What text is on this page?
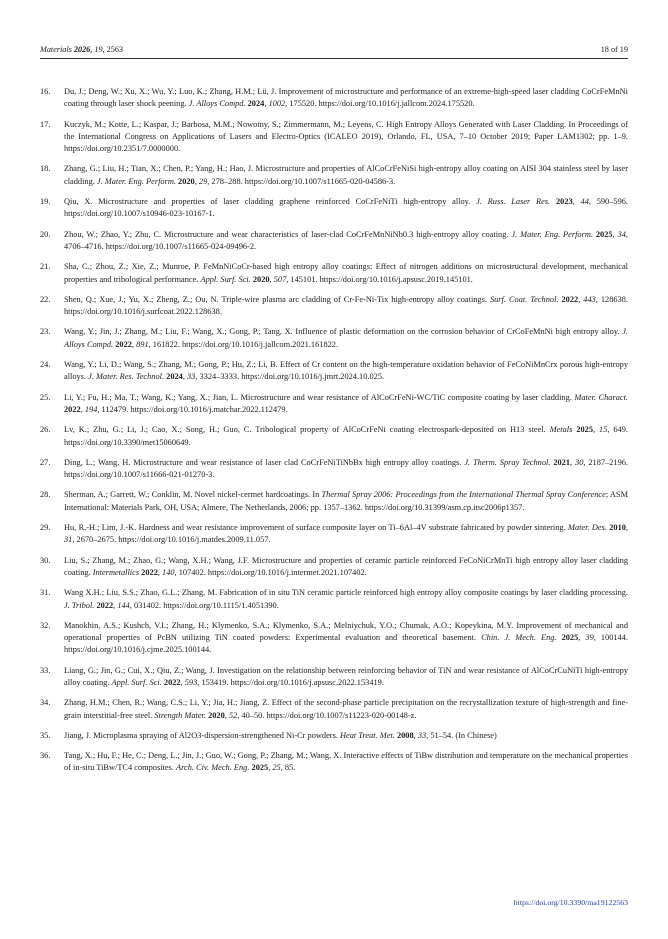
Materials 2026, 19, 2563	18 of 19
16.	Du, J.; Deng, W.; Xu, X.; Wu, Y.; Luo, K.; Zhang, H.M.; Lü, J. Improvement of microstructure and performance of an extreme-high-speed laser cladding CoCrFeMnNi coating through laser shock peening. J. Alloys Compd. 2024, 1002, 175520. https://doi.org/10.1016/j.jallcom.2024.175520.
17.	Kuczyk, M.; Kotte, L.; Kaspar, J.; Barbosa, M.M.; Nowotny, S.; Zimmermann, M.; Leyens, C. High Entropy Alloys Generated with Laser Cladding. In Proceedings of the International Congress on Applications of Lasers and Electro-Optics (ICALEO 2019), Orlando, FL, USA, 7–10 October 2019; Paper LAM1302; pp. 1–9. https://doi.org/10.2351/7.0000000.
18.	Zhang, G.; Liu, H.; Tian, X.; Chen, P.; Yang, H.; Hao, J. Microstructure and properties of AlCoCrFeNiSi high-entropy alloy coating on AISI 304 stainless steel by laser cladding. J. Mater. Eng. Perform. 2020, 29, 278–288. https://doi.org/10.1007/s11665-020-04586-3.
19.	Qiu, X. Microstructure and properties of laser cladding graphene reinforced CoCrFeNiTi high-entropy alloy. J. Russ. Laser Res. 2023, 44, 590–596. https://doi.org/10.1007/s10946-023-10167-1.
20.	Zhou, W.; Zhao, Y.; Zhu, C. Microstructure and wear characteristics of laser-clad CoCrFeMnNiNb0.3 high-entropy alloy coating. J. Mater. Eng. Perform. 2025, 34, 4706–4716. https://doi.org/10.1007/s11665-024-09496-2.
21.	Sha, C.; Zhou, Z.; Xie, Z.; Munroe, P. FeMnNiCoCr-based high entropy alloy coatings: Effect of nitrogen additions on microstructural development, mechanical properties and tribological performance. Appl. Surf. Sci. 2020, 507, 145101. https://doi.org/10.1016/j.apsusc.2019.145101.
22.	Shen, Q.; Xue, J.; Yu, X.; Zheng, Z.; Ou, N. Triple-wire plasma arc cladding of Cr-Fe-Ni-Tix high-entropy alloy coatings. Surf. Coat. Technol. 2022, 443, 128638. https://doi.org/10.1016/j.surfcoat.2022.128638.
23.	Wang, Y.; Jin, J.; Zhang, M.; Liu, F.; Wang, X.; Gong, P.; Tang, X. Influence of plastic deformation on the corrosion behavior of CrCoFeMnNi high entropy alloy. J. Alloys Compd. 2022, 891, 161822. https://doi.org/10.1016/j.jallcom.2021.161822.
24.	Wang, Y.; Li, D.; Wang, S.; Zhang, M.; Gong, P.; Hu, Z.; Li, B. Effect of Cr content on the high-temperature oxidation behavior of FeCoNiMnCrx porous high-entropy alloys. J. Mater. Res. Technol. 2024, 33, 3324–3333. https://doi.org/10.1016/j.jmrt.2024.10.025.
25.	Li, Y.; Fu, H.; Ma, T.; Wang, K.; Yang, X.; Jian, L. Microstructure and wear resistance of AlCoCrFeNi-WC/TiC composite coating by laser cladding. Mater. Charact. 2022, 194, 112479. https://doi.org/10.1016/j.matchar.2022.112479.
26.	Lv, K.; Zhu, G.; Li, J.; Cao, X.; Song, H.; Guo, C. Tribological property of AlCoCrFeNi coating electrospark-deposited on H13 steel. Metals 2025, 15, 649. https://doi.org/10.3390/met15060649.
27.	Ding, L.; Wang, H. Microstructure and wear resistance of laser clad CoCrFeNiTiNbBx high entropy alloy coatings. J. Therm. Spray Technol. 2021, 30, 2187–2196. https://doi.org/10.1007/s11666-021-01270-3.
28.	Sherman, A.; Garrett, W.; Conklin, M. Novel nickel-cermet hardcoatings. In Thermal Spray 2006: Proceedings from the International Thermal Spray Conference; ASM International: Materials Park, OH, USA; Almere, The Netherlands, 2006; pp. 1357–1362. https://doi.org/10.31399/asm.cp.itsc2006p1357.
29.	Hu, R.-H.; Lim, J.-K. Hardness and wear resistance improvement of surface composite layer on Ti–6Al–4V substrate fabricated by powder sintering. Mater. Des. 2010, 31, 2670–2675. https://doi.org/10.1016/j.matdes.2009.11.057.
30.	Liu, S.; Zhang, M.; Zhao, G.; Wang, X.H.; Wang, J.F. Microstructure and properties of ceramic particle reinforced FeCoNiCrMnTi high entropy alloy laser cladding coating. Intermetallics 2022, 140, 107402. https://doi.org/10.1016/j.intermet.2021.107402.
31.	Wang X.H.; Liu, S.S.; Zhao, G.L.; Zhang, M. Fabrication of in situ TiN ceramic particle reinforced high entropy alloy composite coatings by laser cladding processing. J. Tribol. 2022, 144, 031402. https://doi.org/10.1115/1.4051390.
32.	Manokhin, A.S.; Kushch, V.I.; Zhang, H.; Klymenko, S.A.; Klymenko, S.A.; Melniychuk, Y.O.; Chumak, A.O.; Kopeykina, M.Y. Improvement of mechanical and operational properties of PcBN utilizing TiN coated powders: Experimental evaluation and theoretical basement. Chin. J. Mech. Eng. 2025, 39, 100144. https://doi.org/10.1016/j.cjme.2025.100144.
33.	Liang, G.; Jin, G.; Cui, X.; Qiu, Z.; Wang, J. Investigation on the relationship between reinforcing behavior of TiN and wear resistance of AlCoCrCuNiTi high-entropy alloy coating. Appl. Surf. Sci. 2022, 593, 153419. https://doi.org/10.1016/j.apsusc.2022.153419.
34.	Zhang, H.M.; Chen, R.; Wang, C.S.; Li, Y.; Jia, H.; Jiang, Z. Effect of the second-phase particle precipitation on the recrystallization texture of high-strength and fine-grain interstitial-free steel. Strength Mater. 2020, 52, 40–50. https://doi.org/10.1007/s11223-020-00148-z.
35.	Jiang, J. Microplasma spraying of Al2O3-dispersion-strengthened Ni-Cr powders. Heat Treat. Met. 2008, 33, 51–54. (In Chinese)
36.	Tang, X.; Hu, F.; He, C.; Deng, L.; Jin, J.; Guo, W.; Gong, P.; Zhang, M.; Wang, X. Interactive effects of TiBw distribution and temperature on the mechanical properties of in-situ TiBw/TC4 composites. Arch. Civ. Mech. Eng. 2025, 25, 85.
https://doi.org/10.3390/ma19122563
